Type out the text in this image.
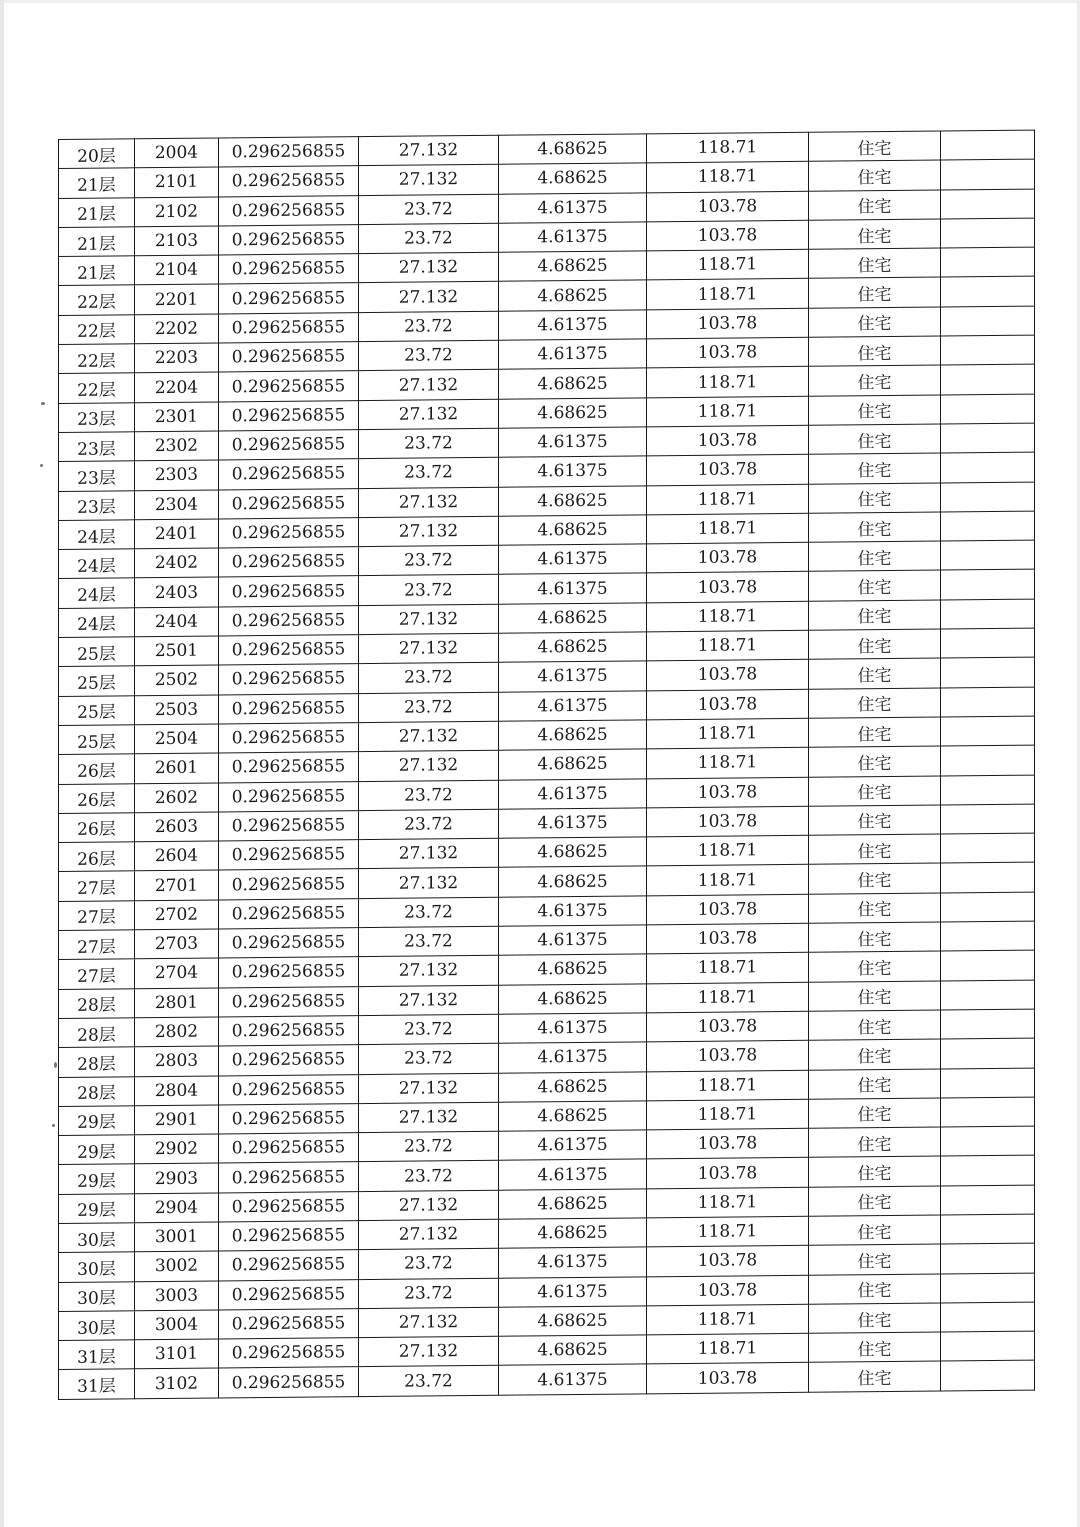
20层	2004	0.296256855	27.132	4.68625	118.71	住宅	
21层	2101	0.296256855	27.132	4.68625	118.71	住宅	
21层	2102	0.296256855	23.72	4.61375	103.78	住宅	
21层	2103	0.296256855	23.72	4.61375	103.78	住宅	
21层	2104	0.296256855	27.132	4.68625	118.71	住宅	
22层	2201	0.296256855	27.132	4.68625	118.71	住宅	
22层	2202	0.296256855	23.72	4.61375	103.78	住宅	
22层	2203	0.296256855	23.72	4.61375	103.78	住宅	
22层	2204	0.296256855	27.132	4.68625	118.71	住宅	
23层	2301	0.296256855	27.132	4.68625	118.71	住宅	
23层	2302	0.296256855	23.72	4.61375	103.78	住宅	
23层	2303	0.296256855	23.72	4.61375	103.78	住宅	
23层	2304	0.296256855	27.132	4.68625	118.71	住宅	
24层	2401	0.296256855	27.132	4.68625	118.71	住宅	
24层	2402	0.296256855	23.72	4.61375	103.78	住宅	
24层	2403	0.296256855	23.72	4.61375	103.78	住宅	
24层	2404	0.296256855	27.132	4.68625	118.71	住宅	
25层	2501	0.296256855	27.132	4.68625	118.71	住宅	
25层	2502	0.296256855	23.72	4.61375	103.78	住宅	
25层	2503	0.296256855	23.72	4.61375	103.78	住宅	
25层	2504	0.296256855	27.132	4.68625	118.71	住宅	
26层	2601	0.296256855	27.132	4.68625	118.71	住宅	
26层	2602	0.296256855	23.72	4.61375	103.78	住宅	
26层	2603	0.296256855	23.72	4.61375	103.78	住宅	
26层	2604	0.296256855	27.132	4.68625	118.71	住宅	
27层	2701	0.296256855	27.132	4.68625	118.71	住宅	
27层	2702	0.296256855	23.72	4.61375	103.78	住宅	
27层	2703	0.296256855	23.72	4.61375	103.78	住宅	
27层	2704	0.296256855	27.132	4.68625	118.71	住宅	
28层	2801	0.296256855	27.132	4.68625	118.71	住宅	
28层	2802	0.296256855	23.72	4.61375	103.78	住宅	
28层	2803	0.296256855	23.72	4.61375	103.78	住宅	
28层	2804	0.296256855	27.132	4.68625	118.71	住宅	
29层	2901	0.296256855	27.132	4.68625	118.71	住宅	
29层	2902	0.296256855	23.72	4.61375	103.78	住宅	
29层	2903	0.296256855	23.72	4.61375	103.78	住宅	
29层	2904	0.296256855	27.132	4.68625	118.71	住宅	
30层	3001	0.296256855	27.132	4.68625	118.71	住宅	
30层	3002	0.296256855	23.72	4.61375	103.78	住宅	
30层	3003	0.296256855	23.72	4.61375	103.78	住宅	
30层	3004	0.296256855	27.132	4.68625	118.71	住宅	
31层	3101	0.296256855	27.132	4.68625	118.71	住宅	
31层	3102	0.296256855	23.72	4.61375	103.78	住宅	
